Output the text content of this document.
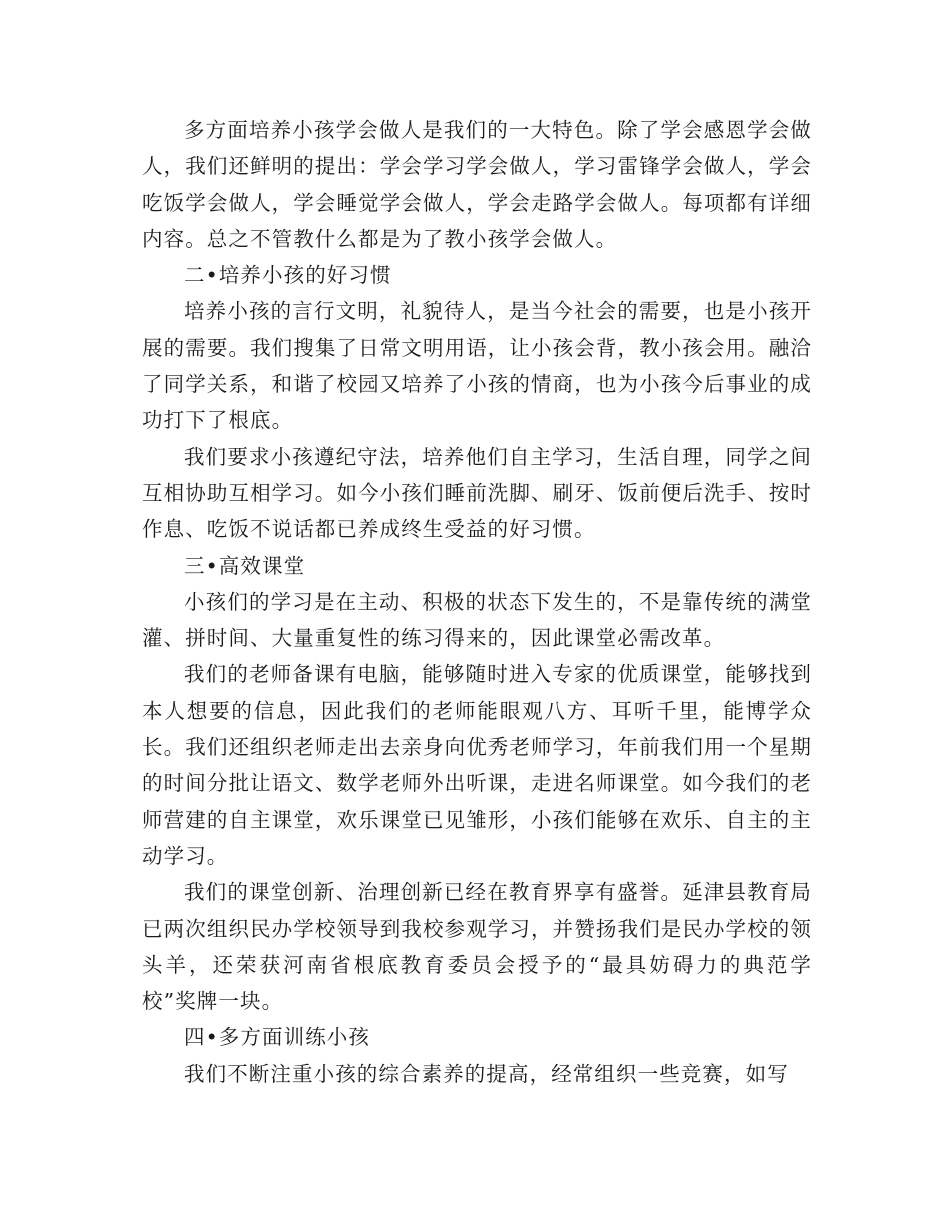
多方面培养小孩学会做人是我们的一大特色。除了学会感恩学会做人，我们还鲜明的提出：学会学习学会做人，学习雷锋学会做人，学会吃饭学会做人，学会睡觉学会做人，学会走路学会做人。每项都有详细内容。总之不管教什么都是为了教小孩学会做人。

二•培养小孩的好习惯

培养小孩的言行文明，礼貌待人，是当今社会的需要，也是小孩开展的需要。我们搜集了日常文明用语，让小孩会背，教小孩会用。融洽了同学关系，和谐了校园又培养了小孩的情商，也为小孩今后事业的成功打下了根底。

我们要求小孩遵纪守法，培养他们自主学习，生活自理，同学之间互相协助互相学习。如今小孩们睡前洗脚、刷牙、饭前便后洗手、按时作息、吃饭不说话都已养成终生受益的好习惯。

三•高效课堂

小孩们的学习是在主动、积极的状态下发生的，不是靠传统的满堂灌、拼时间、大量重复性的练习得来的，因此课堂必需改革。

我们的老师备课有电脑，能够随时进入专家的优质课堂，能够找到本人想要的信息，因此我们的老师能眼观八方、耳听千里，能博学众长。我们还组织老师走出去亲身向优秀老师学习，年前我们用一个星期的时间分批让语文、数学老师外出听课，走进名师课堂。如今我们的老师营建的自主课堂，欢乐课堂已见雏形，小孩们能够在欢乐、自主的主动学习。

我们的课堂创新、治理创新已经在教育界享有盛誉。延津县教育局已两次组织民办学校领导到我校参观学习，并赞扬我们是民办学校的领头羊，还荣获河南省根底教育委员会授予的“最具妨碍力的典范学校”奖牌一块。

四•多方面训练小孩

我们不断注重小孩的综合素养的提高，经常组织一些竞赛，如写
